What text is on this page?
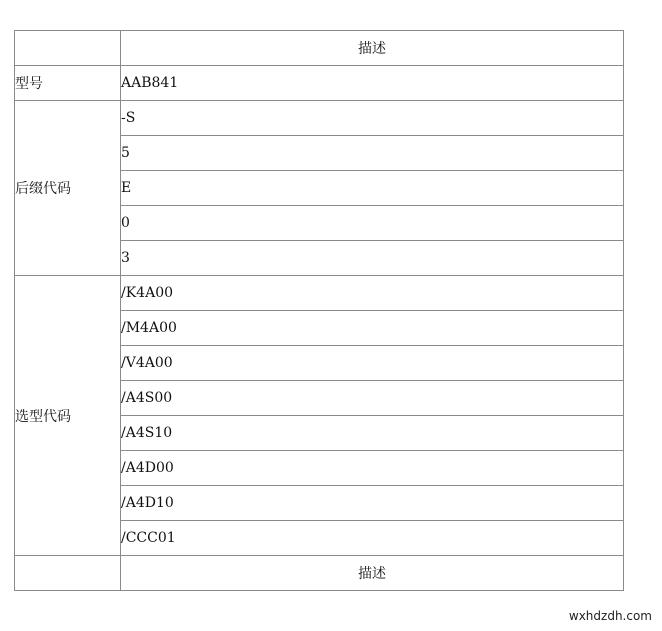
	描述
型号	AAB841
后缀代码	-S
	5
	E
	0
	3
选型代码	/K4A00
	/M4A00
	/V4A00
	/A4S00
	/A4S10
	/A4D00
	/A4D10
	/CCC01
	描述
wxhdzdh.com
